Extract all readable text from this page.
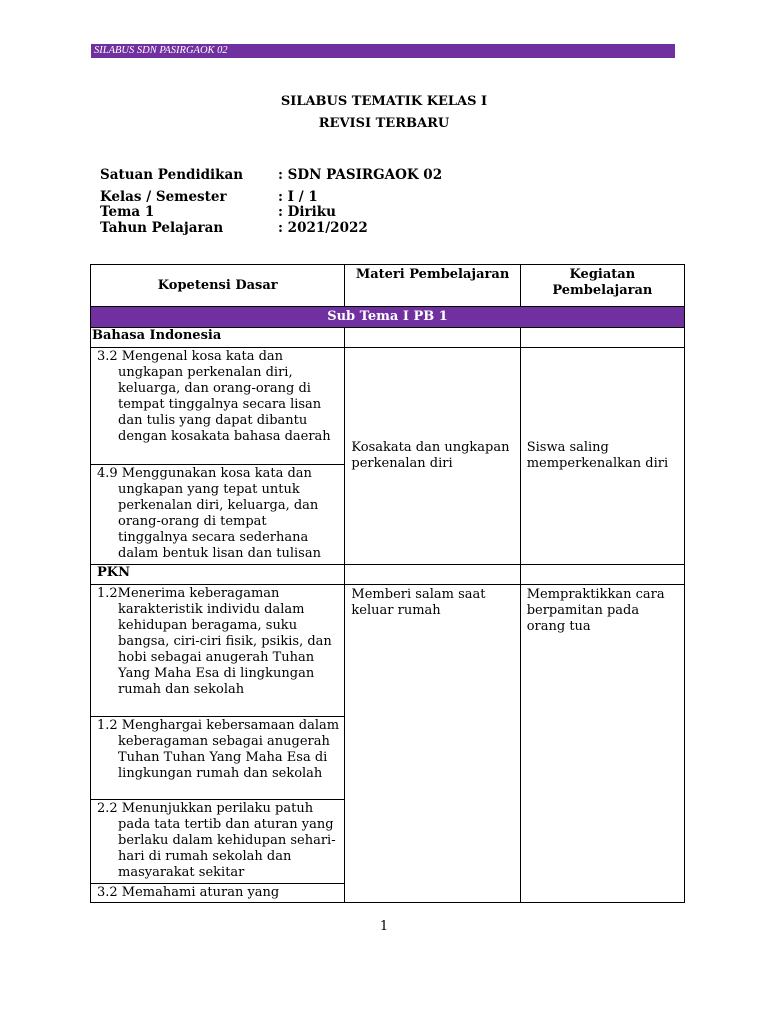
SILABUS SDN PASIRGAOK 02
SILABUS TEMATIK KELAS I
REVISI TERBARU
Satuan Pendidikan	: SDN PASIRGAOK 02
Kelas / Semester	: I / 1
Tema 1	: Diriku
Tahun Pelajaran	: 2021/2022
Kopetensi Dasar	Materi Pembelajaran	Kegiatan Pembelajaran
Sub Tema I PB 1		
Bahasa Indonesia		

3.2 Mengenal kosa kata dan ungkapan perkenalan diri, keluarga, dan orang-orang di tempat tinggalnya secara lisan dan tulis yang dapat dibantu dengan kosakata bahasa daerah	Kosakata dan ungkapan perkenalan diri	Siswa saling memperkenalkan diri

4.9 Menggunakan kosa kata dan ungkapan yang tepat untuk perkenalan diri, keluarga, dan orang-orang di tempat tinggalnya secara sederhana dalam bentuk lisan dan tulisan		

PKN		

1.2Menerima keberagaman karakteristik individu dalam kehidupan beragama, suku bangsa, ciri-ciri fisik, psikis, dan hobi sebagai anugerah Tuhan Yang Maha Esa di lingkungan rumah dan sekolah	Memberi salam saat keluar rumah	Mempraktikkan cara berpamitan pada orang tua

1.2 Menghargai kebersamaan dalam keberagaman sebagai anugerah Tuhan Tuhan Yang Maha Esa di lingkungan rumah dan sekolah		

2.2 Menunjukkan perilaku patuh pada tata tertib dan aturan yang berlaku dalam kehidupan sehari-hari di rumah sekolah dan masyarakat sekitar		

3.2 Memahami aturan yang		
1
